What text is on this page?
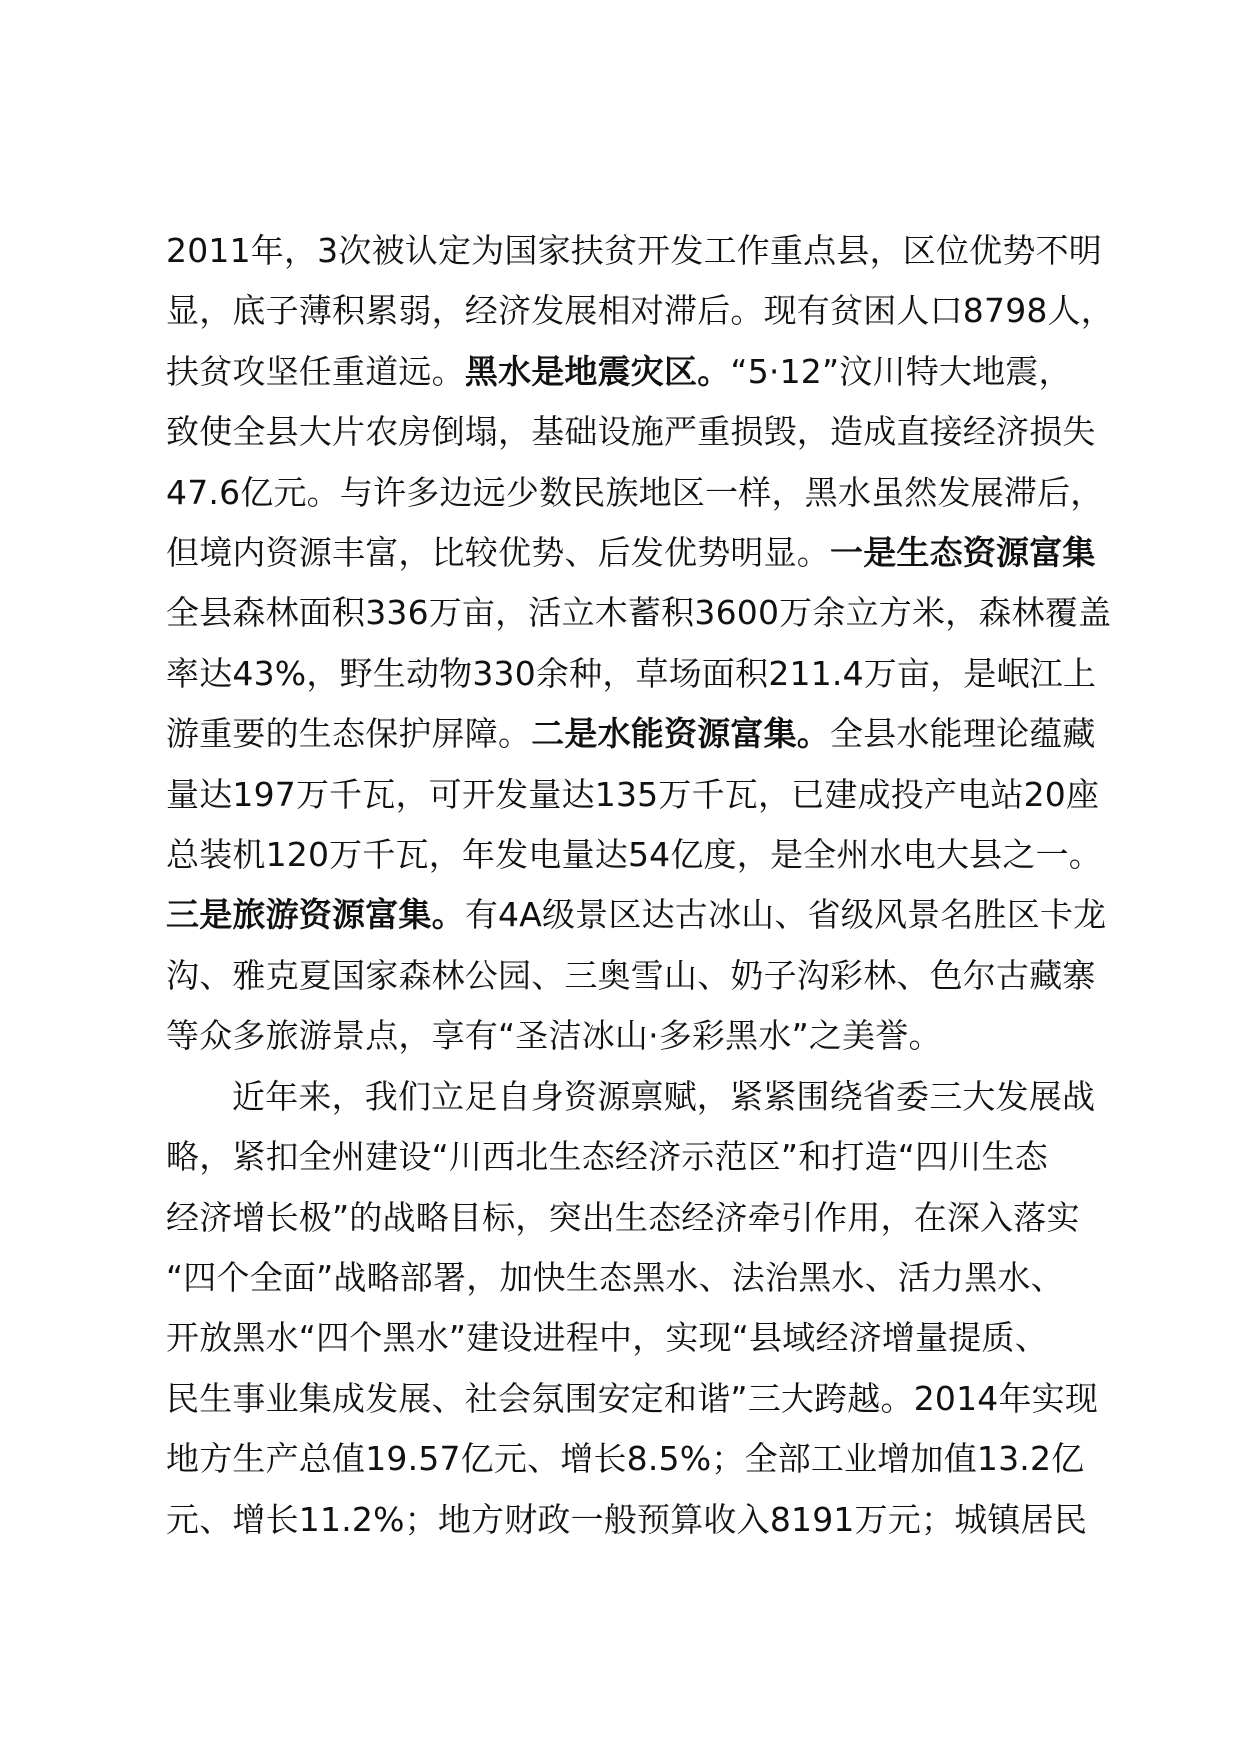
2011年，3次被认定为国家扶贫开发工作重点县，区位优势不明
显，底子薄积累弱，经济发展相对滞后。现有贫困人口8798人，
扶贫攻坚任重道远。黑水是地震灾区。“5·12”汶川特大地震，
致使全县大片农房倒塌，基础设施严重损毁，造成直接经济损失
47.6亿元。与许多边远少数民族地区一样，黑水虽然发展滞后，
但境内资源丰富，比较优势、后发优势明显。一是生态资源富集
全县森林面积336万亩，活立木蓄积3600万余立方米，森林覆盖
率达43%，野生动物330余种，草场面积211.4万亩，是岷江上
游重要的生态保护屏障。二是水能资源富集。全县水能理论蕴藏
量达197万千瓦，可开发量达135万千瓦，已建成投产电站20座
总装机120万千瓦，年发电量达54亿度，是全州水电大县之一。
三是旅游资源富集。有4A级景区达古冰山、省级风景名胜区卡龙
沟、雅克夏国家森林公园、三奥雪山、奶子沟彩林、色尔古藏寨
等众多旅游景点，享有“圣洁冰山·多彩黑水”之美誉。
近年来，我们立足自身资源禀赋，紧紧围绕省委三大发展战
略，紧扣全州建设“川西北生态经济示范区”和打造“四川生态
经济增长极”的战略目标，突出生态经济牵引作用，在深入落实
“四个全面”战略部署，加快生态黑水、法治黑水、活力黑水、
开放黑水“四个黑水”建设进程中，实现“县域经济增量提质、
民生事业集成发展、社会氛围安定和谐”三大跨越。2014年实现
地方生产总值19.57亿元、增长8.5%；全部工业增加值13.2亿
元、增长11.2%；地方财政一般预算收入8191万元；城镇居民
